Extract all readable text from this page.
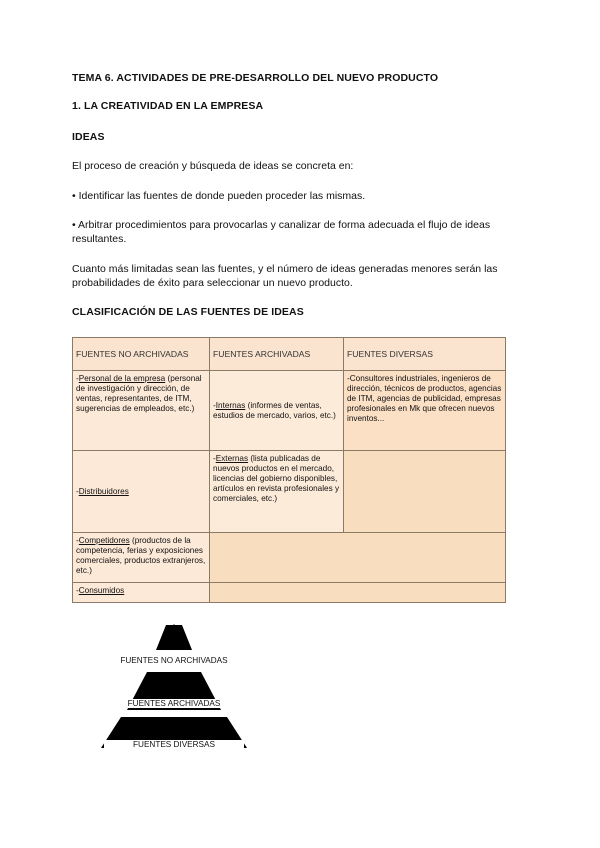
TEMA 6. ACTIVIDADES DE PRE-DESARROLLO DEL NUEVO PRODUCTO
1. LA CREATIVIDAD EN LA EMPRESA
IDEAS
El proceso de creación y búsqueda de ideas se concreta en:
• Identificar las fuentes de donde pueden proceder las mismas.
• Arbitrar procedimientos para provocarlas y canalizar de forma adecuada el flujo de ideas resultantes.
Cuanto más limitadas sean las fuentes, y el número de ideas generadas menores serán las probabilidades de éxito para seleccionar un nuevo producto.
CLASIFICACIÓN DE LAS FUENTES DE IDEAS
FUENTES NO ARCHIVADAS	FUENTES ARCHIVADAS	FUENTES DIVERSAS
-Personal de la empresa (personal de investigación y dirección, de ventas, representantes, de ITM, sugerencias de empleados, etc.)	-Internas (informes de ventas, estudios de mercado, varios, etc.)	-Consultores industriales, ingenieros de dirección, técnicos de productos, agencias de ITM, agencias de publicidad, empresas profesionales en Mk que ofrecen nuevos inventos...
-Distribuidores	-Externas (lista publicadas de nuevos productos en el mercado, licencias del gobierno disponibles, artículos en revista profesionales y comerciales, etc.)	
-Competidores (productos de la competencia, ferias y exposiciones comerciales, productos extranjeros, etc.)		
-Consumidos		
FUENTES NO ARCHIVADAS
FUENTES ARCHIVADAS
FUENTES DIVERSAS
